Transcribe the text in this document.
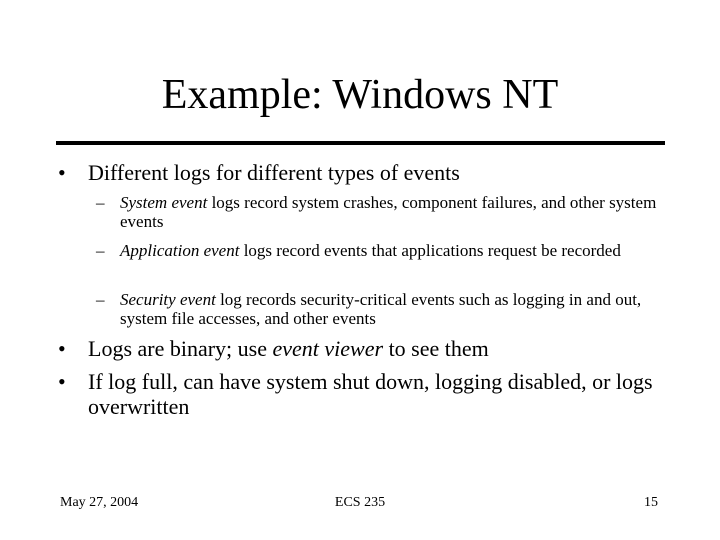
Example: Windows NT
• Different logs for different types of events
– System event logs record system crashes, component failures, and other system events
– Application event logs record events that applications request be recorded
– Security event log records security-critical events such as logging in and out, system file accesses, and other events
• Logs are binary; use event viewer to see them
• If log full, can have system shut down, logging disabled, or logs overwritten
May 27, 2004	ECS 235	15
